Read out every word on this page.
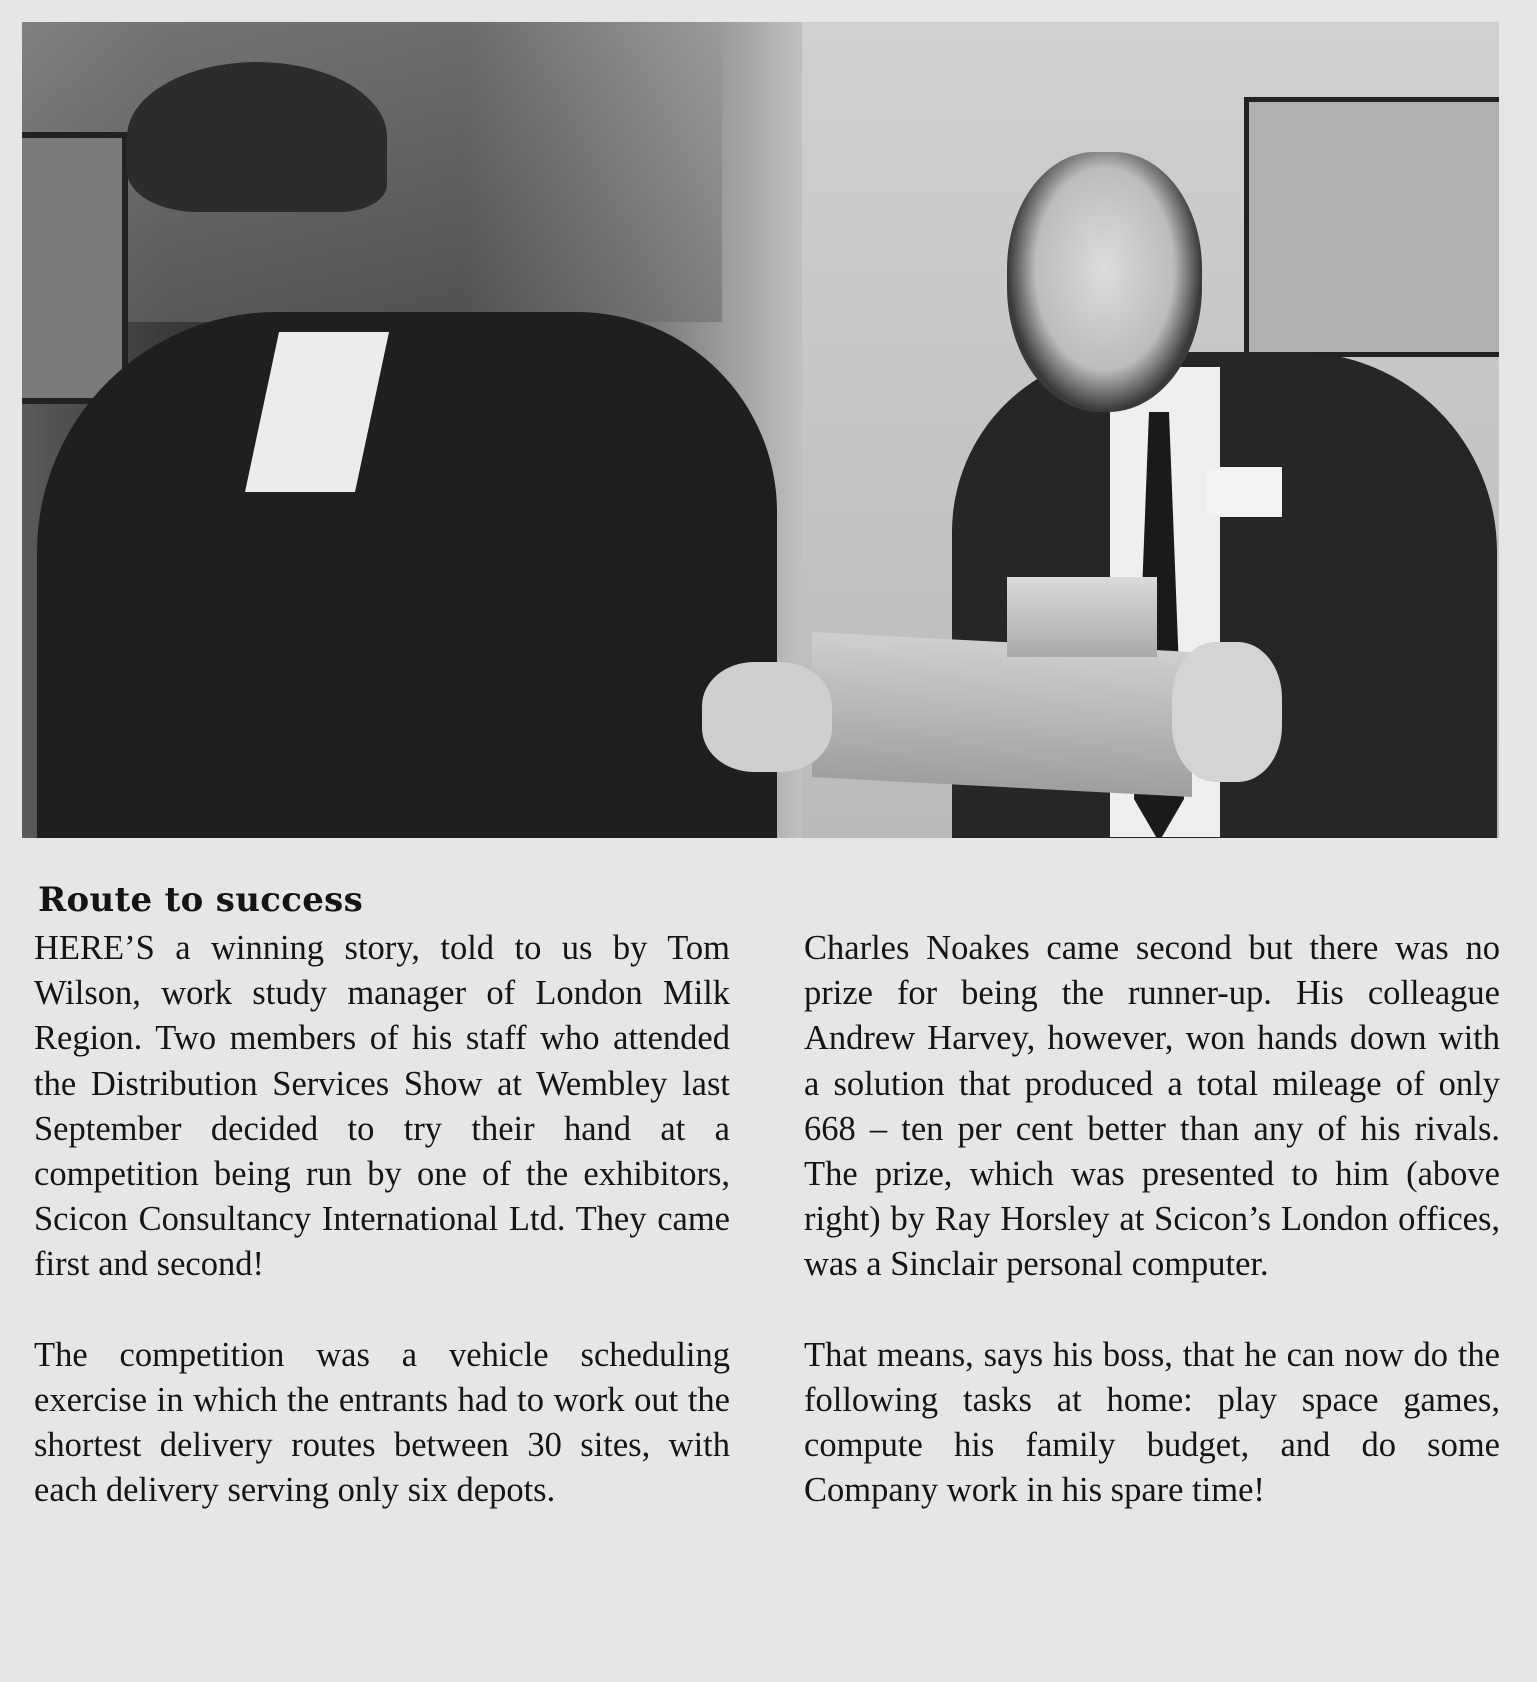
Route to success

HERE’S a winning story, told to us by Tom Wilson, work study manager of London Milk Region. Two members of his staff who attended the Distribution Services Show at Wembley last September decided to try their hand at a competition being run by one of the exhibitors, Scicon Consultancy International Ltd. They came first and second!

The competition was a vehicle scheduling exercise in which the entrants had to work out the shortest delivery routes between 30 sites, with each delivery serving only six depots.

Charles Noakes came second but there was no prize for being the runner-up. His colleague Andrew Harvey, however, won hands down with a solution that produced a total mileage of only 668 – ten per cent better than any of his rivals. The prize, which was presented to him (above right) by Ray Horsley at Scicon’s London offices, was a Sinclair personal computer.

That means, says his boss, that he can now do the following tasks at home: play space games, compute his family budget, and do some Company work in his spare time!
